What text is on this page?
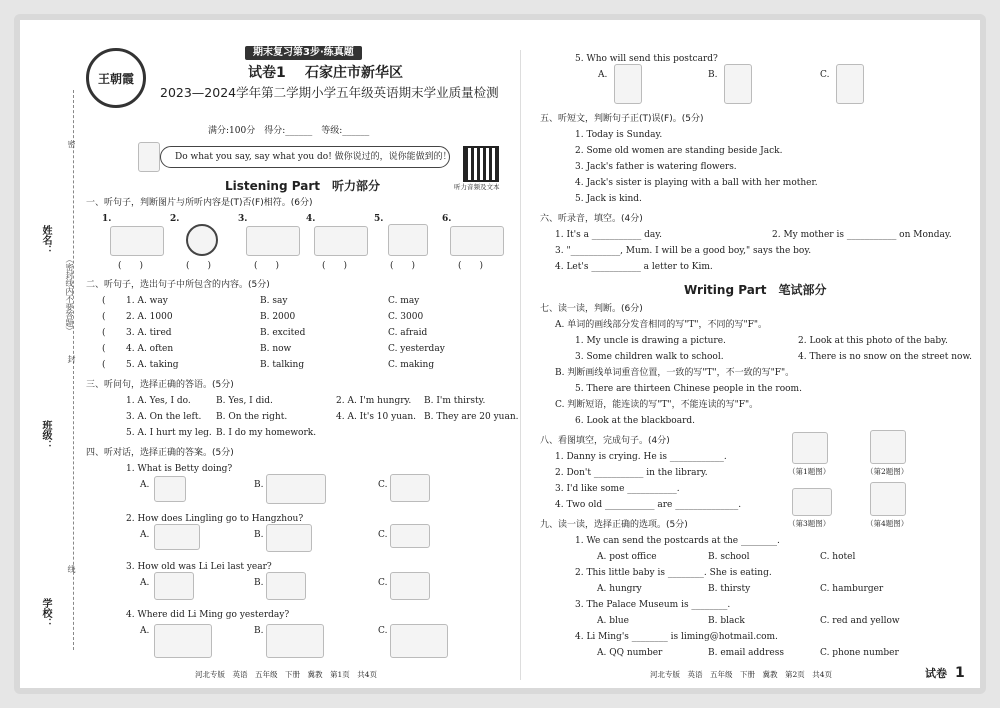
姓名：
班级：
学校：
（密封线内不要答题）
密
封
线
王朝霞
期末复习第3步·练真题
试卷1 石家庄市新华区
2023—2024学年第二学期小学五年级英语期末学业质量检测
满分:100分　得分:______　等级:______
Do what you say, say what you do! 做你说过的，说你能做到的！
听力音频及文本
Listening Part　听力部分
一、听句子，判断图片与所听内容是(T)否(F)相符。(6分)
1.	2.	3.	4.	5.	6.
(　　)	(　　)	(　　)	(　　)	(　　)	(　　)
二、听句子，选出句子中所包含的内容。(5分)
( 1. A. way	B. say	C. may
( 2. A. 1000	B. 2000	C. 3000
( 3. A. tired	B. excited	C. afraid
( 4. A. often	B. now	C. yesterday
( 5. A. taking	B. talking	C. making
三、听问句，选择正确的答语。(5分)
1. A. Yes, I do.	B. Yes, I did.	2. A. I'm hungry. B. I'm thirsty.
3. A. On the left. B. On the right.	4. A. It's 10 yuan. B. They are 20 yuan.
5. A. I hurt my leg. B. I do my homework.
四、听对话，选择正确的答案。(5分)
1. What is Betty doing?
A.	B.	C.
2. How does Lingling go to Hangzhou?
A.	B.	C.
3. How old was Li Lei last year?
A.	B.	C.
4. Where did Li Ming go yesterday?
A.	B.	C.
河北专版　英语　五年级　下册　冀教　第1页　共4页
5. Who will send this postcard?
A.	B.	C.
五、听短文，判断句子正(T)误(F)。(5分)
1. Today is Sunday.
2. Some old women are standing beside Jack.
3. Jack's father is watering flowers.
4. Jack's sister is playing with a ball with her mother.
5. Jack is kind.
六、听录音，填空。(4分)
1. It's a ___________ day.	2. My mother is ___________ on Monday.
3. "___________, Mum. I will be a good boy," says the boy.
4. Let's ___________ a letter to Kim.
Writing Part　笔试部分
七、读一读，判断。(6分)
A. 单词的画线部分发音相同的写"T"，不同的写"F"。
1. My uncle is drawing a picture.	2. Look at this photo of the baby.
3. Some children walk to school.	4. There is no snow on the street now.
B. 判断画线单词重音位置，一致的写"T"，不一致的写"F"。
5. There are thirteen Chinese people in the room.
C. 判断短语，能连读的写"T"，不能连读的写"F"。
6. Look at the blackboard.
八、看图填空，完成句子。(4分)
1. Danny is crying. He is ____________.
2. Don't ___________ in the library.
3. I'd like some ___________.
4. Two old ___________ are ______________.
（第1题图）	（第2题图）
（第3题图）	（第4题图）
九、读一读，选择正确的选项。(5分)
1. We can send the postcards at the ________.
A. post office	B. school	C. hotel
2. This little baby is ________. She is eating.
A. hungry	B. thirsty	C. hamburger
3. The Palace Museum is ________.
A. blue	B. black	C. red and yellow
4. Li Ming's ________ is liming@hotmail.com.
A. QQ number	B. email address	C. phone number
河北专版　英语　五年级　下册　冀教　第2页　共4页	试卷 1
